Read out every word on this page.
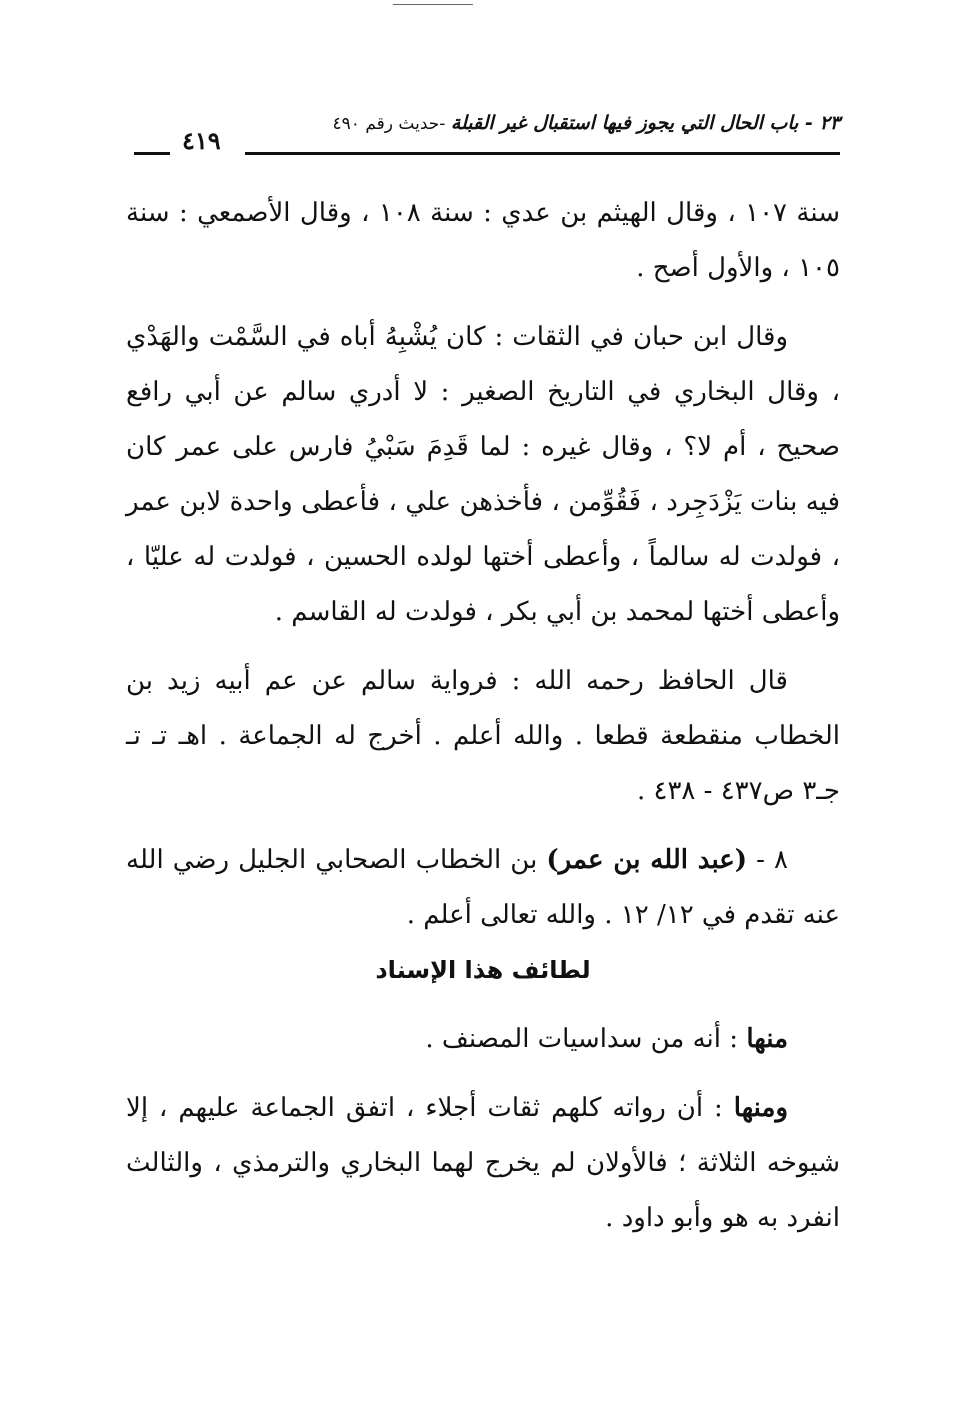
٢٣ - باب الحال التي يجوز فيها استقبال غير القبلة -حديث رقم ٤٩٠
٤١٩

سنة ١٠٧ ، وقال الهيثم بن عدي : سنة ١٠٨ ، وقال الأصمعي : سنة ١٠٥ ، والأول أصح .

وقال ابن حبان في الثقات : كان يُشْبِهُ أباه في السَّمْت والهَدْي ، وقال البخاري في التاريخ الصغير : لا أدري سالم عن أبي رافع صحيح ، أم لا؟ ، وقال غيره : لما قَدِمَ سَبْيُ فارس على عمر كان فيه بنات يَزْدَجِرد ، فَقُوِّمن ، فأخذهن علي ، فأعطى واحدة لابن عمر ، فولدت له سالماً ، وأعطى أختها لولده الحسين ، فولدت له عليّا ، وأعطى أختها لمحمد بن أبي بكر ، فولدت له القاسم .

قال الحافظ رحمه الله : فرواية سالم عن عم أبيه زيد بن الخطاب منقطعة قطعا . والله أعلم . أخرج له الجماعة . اهـ تـ تـ جـ٣ ص٤٣٧ - ٤٣٨ .

٨ - (عبد الله بن عمر) بن الخطاب الصحابي الجليل رضي الله عنه تقدم في ١٢/ ١٢ . والله تعالى أعلم .

لطائف هذا الإسناد

منها : أنه من سداسيات المصنف .

ومنها : أن رواته كلهم ثقات أجلاء ، اتفق الجماعة عليهم ، إلا شيوخه الثلاثة ؛ فالأولان لم يخرج لهما البخاري والترمذي ، والثالث انفرد به هو وأبو داود .
